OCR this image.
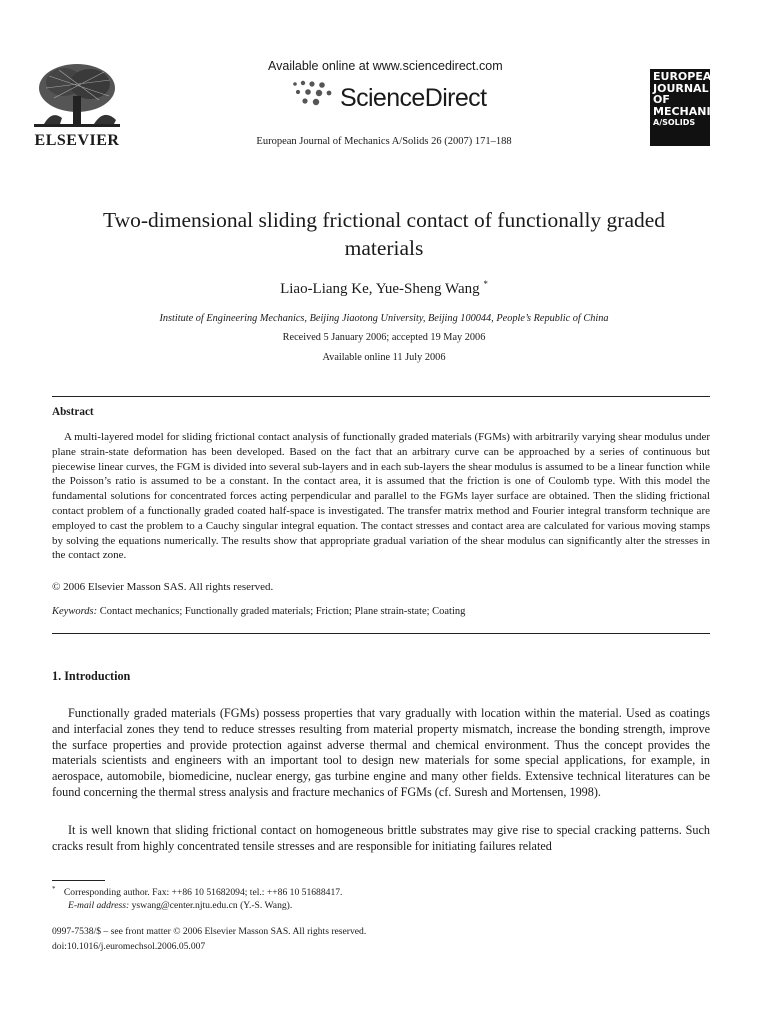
ELSEVIER
Available online at www.sciencedirect.com
ScienceDirect
European Journal of Mechanics A/Solids 26 (2007) 171–188
EUROPEAN
JOURNAL OF
MECHANICS
A/SOLIDS
Two-dimensional sliding frictional contact of functionally graded
materials
Liao-Liang Ke, Yue-Sheng Wang *
Institute of Engineering Mechanics, Beijing Jiaotong University, Beijing 100044, People’s Republic of China
Received 5 January 2006; accepted 19 May 2006
Available online 11 July 2006
Abstract

A multi-layered model for sliding frictional contact analysis of functionally graded materials (FGMs) with arbitrarily varying shear modulus under plane strain-state deformation has been developed. Based on the fact that an arbitrary curve can be approached by a series of continuous but piecewise linear curves, the FGM is divided into several sub-layers and in each sub-layers the shear modulus is assumed to be a linear function while the Poisson’s ratio is assumed to be a constant. In the contact area, it is assumed that the friction is one of Coulomb type. With this model the fundamental solutions for concentrated forces acting perpendicular and parallel to the FGMs layer surface are obtained. Then the sliding frictional contact problem of a functionally graded coated half-space is investigated. The transfer matrix method and Fourier integral transform technique are employed to cast the problem to a Cauchy singular integral equation. The contact stresses and contact area are calculated for various moving stamps by solving the equations numerically. The results show that appropriate gradual variation of the shear modulus can significantly alter the stresses in the contact zone.

© 2006 Elsevier Masson SAS. All rights reserved.
Keywords: Contact mechanics; Functionally graded materials; Friction; Plane strain-state; Coating
1. Introduction

Functionally graded materials (FGMs) possess properties that vary gradually with location within the material. Used as coatings and interfacial zones they tend to reduce stresses resulting from material property mismatch, increase the bonding strength, improve the surface properties and provide protection against adverse thermal and chemical environment. Thus the concept provides the materials scientists and engineers with an important tool to design new materials for some special applications, for example, in aerospace, automobile, biomedicine, nuclear energy, gas turbine engine and many other fields. Extensive technical literatures can be found concerning the thermal stress analysis and fracture mechanics of FGMs (cf. Suresh and Mortensen, 1998).

It is well known that sliding frictional contact on homogeneous brittle substrates may give rise to special cracking patterns. Such cracks result from highly concentrated tensile stresses and are responsible for initiating failures related

* Corresponding author. Fax: ++86 10 51682094; tel.: ++86 10 51688417.
E-mail address: yswang@center.njtu.edu.cn (Y.-S. Wang).
0997-7538/$ – see front matter © 2006 Elsevier Masson SAS. All rights reserved.
doi:10.1016/j.euromechsol.2006.05.007
